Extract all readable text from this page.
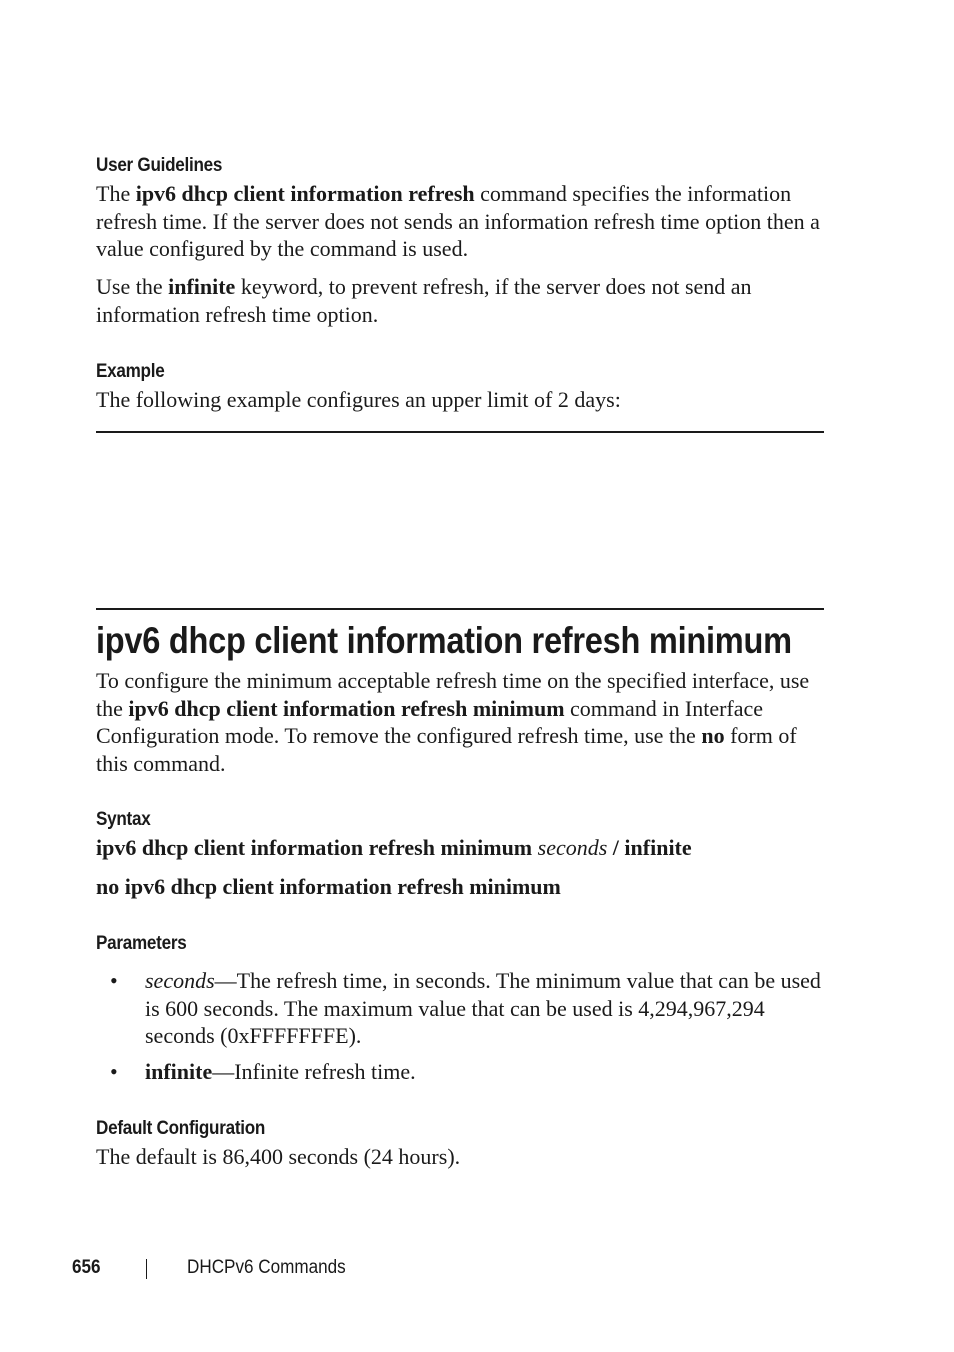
User Guidelines

The ipv6 dhcp client information refresh command specifies the information refresh time. If the server does not sends an information refresh time option then a value configured by the command is used.

Use the infinite keyword, to prevent refresh, if the server does not send an information refresh time option.

Example

The following example configures an upper limit of 2 days:

ipv6 dhcp client information refresh minimum

To configure the minimum acceptable refresh time on the specified interface, use the ipv6 dhcp client information refresh minimum command in Interface Configuration mode. To remove the configured refresh time, use the no form of this command.

Syntax
ipv6 dhcp client information refresh minimum seconds / infinite
no ipv6 dhcp client information refresh minimum
Parameters
• seconds—The refresh time, in seconds. The minimum value that can be used is 600 seconds. The maximum value that can be used is 4,294,967,294 seconds (0xFFFFFFFE).
• infinite—Infinite refresh time.
Default Configuration

The default is 86,400 seconds (24 hours).

656	DHCPv6 Commands
